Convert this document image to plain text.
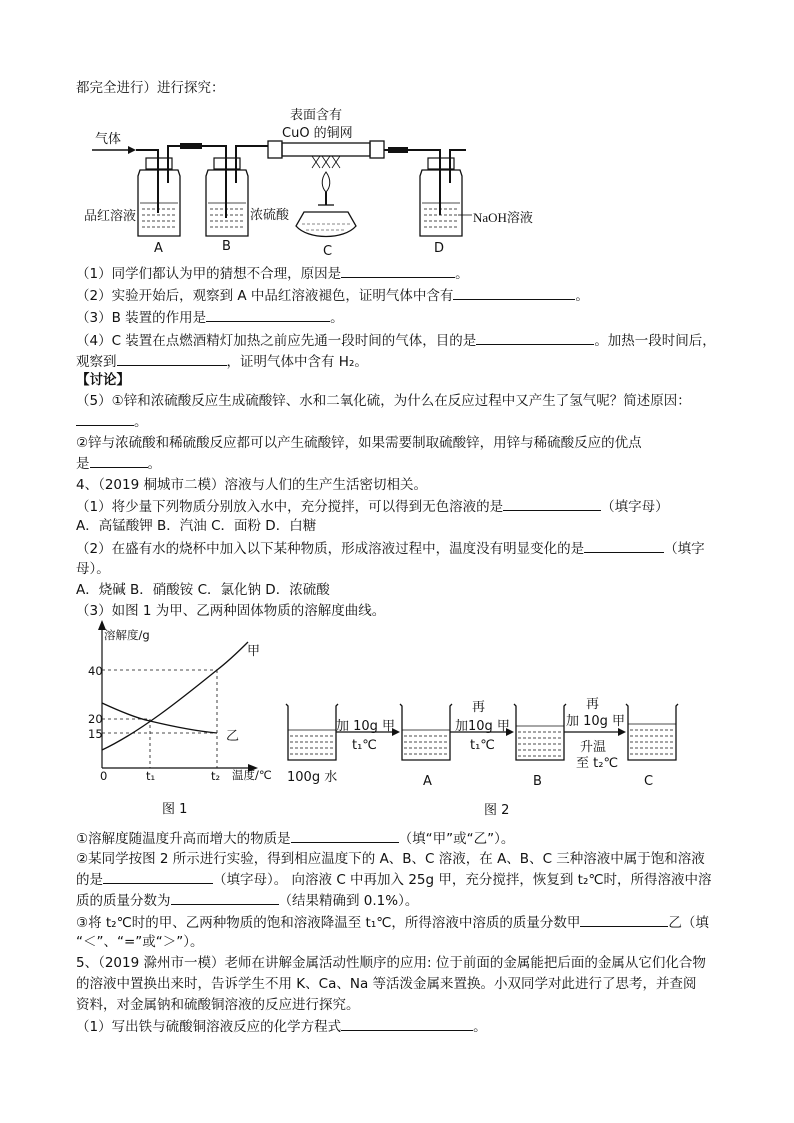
都完全进行）进行探究：
气体
表面含有
CuO 的铜网
品红溶液	浓硫酸	NaOH溶液
A	B	C	D
（1）同学们都认为甲的猜想不合理，原因是	。
（2）实验开始后，观察到 A 中品红溶液褪色，证明气体中含有	。
（3）B 装置的作用是	。
（4）C 装置在点燃酒精灯加热之前应先通一段时间的气体，目的是	。加热一段时间后，
观察到	，证明气体中含有 H₂。
【讨论】
（5）①锌和浓硫酸反应生成硫酸锌、水和二氧化硫，为什么在反应过程中又产生了氢气呢？简述原因：
。
②锌与浓硫酸和稀硫酸反应都可以产生硫酸锌，如果需要制取硫酸锌，用锌与稀硫酸反应的优点
是	。
4、（2019 桐城市二模）溶液与人们的生产生活密切相关。
（1）将少量下列物质分别放入水中，充分搅拌，可以得到无色溶液的是	（填字母）
A．高锰酸钾 B．汽油 C．面粉 D．白糖
（2）在盛有水的烧杯中加入以下某种物质，形成溶液过程中，温度没有明显变化的是	（填字
母）。
A．烧碱 B．硝酸铵 C．氯化钠 D．浓硫酸
（3）如图 1 为甲、乙两种固体物质的溶解度曲线。
溶解度/g
温度/℃
40
20
15
0	t₁	t₂
甲
乙
图 1
加 10g 甲
t₁℃
再
加10g 甲
t₁℃
再
加 10g 甲
升温
至 t₂℃
100g 水	A	B	C
图 2
①溶解度随温度升高而增大的物质是	（填“甲”或“乙”）。
②某同学按图 2 所示进行实验，得到相应温度下的 A、B、C 溶液，在 A、B、C 三种溶液中属于饱和溶液
的是	（填字母）。 向溶液 C 中再加入 25g 甲，充分搅拌，恢复到 t₂℃时，所得溶液中溶
质的质量分数为	（结果精确到 0.1%）。
③将 t₂℃时的甲、乙两种物质的饱和溶液降温至 t₁℃，所得溶液中溶质的质量分数甲	乙（填
“＜”、“=”或“＞”）。
5、（2019 滁州市一模）老师在讲解金属活动性顺序的应用: 位于前面的金属能把后面的金属从它们化合物
的溶液中置换出来时，告诉学生不用 K、Ca、Na 等活泼金属来置换。小双同学对此进行了思考，并查阅
资料，对金属钠和硫酸铜溶液的反应进行探究。
（1）写出铁与硫酸铜溶液反应的化学方程式	。
